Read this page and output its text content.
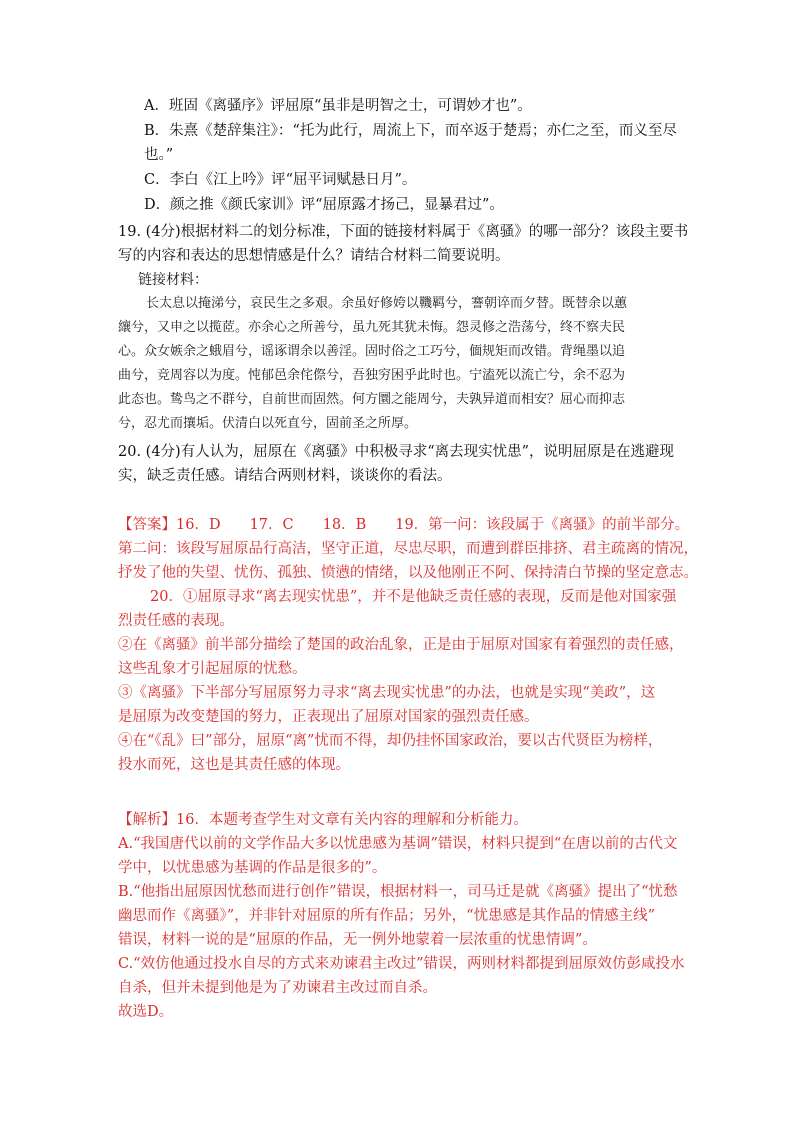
A．班固《离骚序》评屈原“虽非是明智之士，可谓妙才也”。
B．朱熹《楚辞集注》：“托为此行，周流上下，而卒返于楚焉；亦仁之至，而义至尽
也。”
C．李白《江上吟》评“屈平词赋悬日月”。
D．颜之推《颜氏家训》评“屈原露才扬己，显暴君过”。
19. (4分)根据材料二的划分标准，下面的链接材料属于《离骚》的哪一部分？该段主要书
写的内容和表达的思想情感是什么？请结合材料二简要说明。
链接材料：
长太息以掩涕兮，哀民生之多艰。余虽好修姱以鞿羁兮，謇朝谇而夕替。既替余以蕙
纕兮，又申之以揽茝。亦余心之所善兮，虽九死其犹未悔。怨灵修之浩荡兮，终不察夫民
心。众女嫉余之蛾眉兮，谣诼谓余以善淫。固时俗之工巧兮，偭规矩而改错。背绳墨以追
曲兮，竞周容以为度。忳郁邑余侘傺兮，吾独穷困乎此时也。宁溘死以流亡兮，余不忍为
此态也。鸷鸟之不群兮，自前世而固然。何方圜之能周兮，夫孰异道而相安？屈心而抑志
兮，忍尤而攘垢。伏清白以死直兮，固前圣之所厚。
20. (4分)有人认为，屈原在《离骚》中积极寻求“离去现实忧患”，说明屈原是在逃避现
实，缺乏责任感。请结合两则材料，谈谈你的看法。
【答案】16．D　　17．C　　18．B　　19．第一问：该段属于《离骚》的前半部分。
第二问：该段写屈原品行高洁，坚守正道，尽忠尽职，而遭到群臣排挤、君主疏离的情况，
抒发了他的失望、忧伤、孤独、愤懑的情绪，以及他刚正不阿、保持清白节操的坚定意志。
20．①屈原寻求“离去现实忧患”，并不是他缺乏责任感的表现，反而是他对国家强
烈责任感的表现。
②在《离骚》前半部分描绘了楚国的政治乱象，正是由于屈原对国家有着强烈的责任感，
这些乱象才引起屈原的忧愁。
③《离骚》下半部分写屈原努力寻求“离去现实忧患”的办法，也就是实现“美政”，这
是屈原为改变楚国的努力，正表现出了屈原对国家的强烈责任感。
④在“《乱》曰”部分，屈原“离”忧而不得，却仍挂怀国家政治，要以古代贤臣为榜样，
投水而死，这也是其责任感的体现。
【解析】16．本题考查学生对文章有关内容的理解和分析能力。
A.“我国唐代以前的文学作品大多以忧患感为基调”错误，材料只提到“在唐以前的古代文
学中，以忧患感为基调的作品是很多的”。
B.“他指出屈原因忧愁而进行创作”错误，根据材料一，司马迁是就《离骚》提出了“忧愁
幽思而作《离骚》”，并非针对屈原的所有作品；另外，“忧患感是其作品的情感主线”
错误，材料一说的是“屈原的作品，无一例外地蒙着一层浓重的忧患情调”。
C.“效仿他通过投水自尽的方式来劝谏君主改过”错误，两则材料都提到屈原效仿彭咸投水
自杀，但并未提到他是为了劝谏君主改过而自杀。
故选D。
